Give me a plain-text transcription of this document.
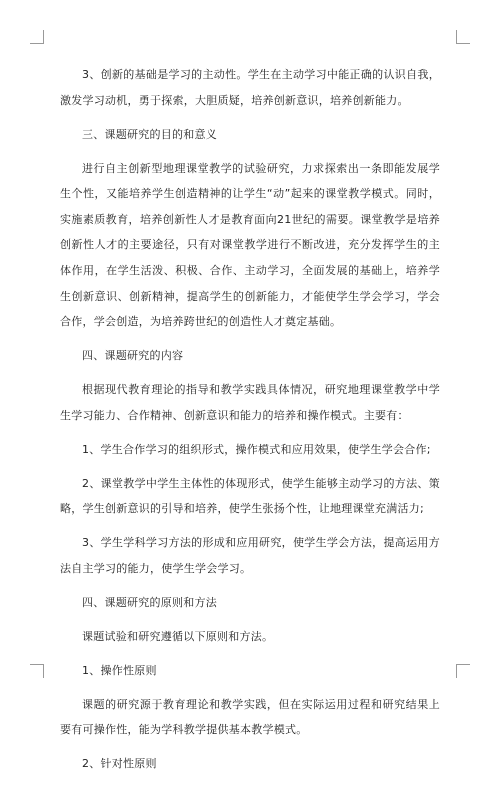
3、创新的基础是学习的主动性。学生在主动学习中能正确的认识自我，激发学习动机，勇于探索，大胆质疑，培养创新意识，培养创新能力。

三、课题研究的目的和意义

进行自主创新型地理课堂教学的试验研究，力求探索出一条即能发展学生个性，又能培养学生创造精神的让学生“动”起来的课堂教学模式。同时，实施素质教育，培养创新性人才是教育面向21世纪的需要。课堂教学是培养创新性人才的主要途径，只有对课堂教学进行不断改进，充分发挥学生的主体作用，在学生活泼、积极、合作、主动学习，全面发展的基础上，培养学生创新意识、创新精神，提高学生的创新能力，才能使学生学会学习，学会合作，学会创造，为培养跨世纪的创造性人才奠定基础。

四、课题研究的内容

根据现代教育理论的指导和教学实践具体情况，研究地理课堂教学中学生学习能力、合作精神、创新意识和能力的培养和操作模式。主要有：

1、学生合作学习的组织形式，操作模式和应用效果，使学生学会合作;

2、课堂教学中学生主体性的体现形式，使学生能够主动学习的方法、策略，学生创新意识的引导和培养，使学生张扬个性，让地理课堂充满活力;

3、学生学科学习方法的形成和应用研究，使学生学会方法，提高运用方法自主学习的能力，使学生学会学习。

四、课题研究的原则和方法

课题试验和研究遵循以下原则和方法。

1、操作性原则

课题的研究源于教育理论和教学实践，但在实际运用过程和研究结果上要有可操作性，能为学科教学提供基本教学模式。

2、针对性原则
